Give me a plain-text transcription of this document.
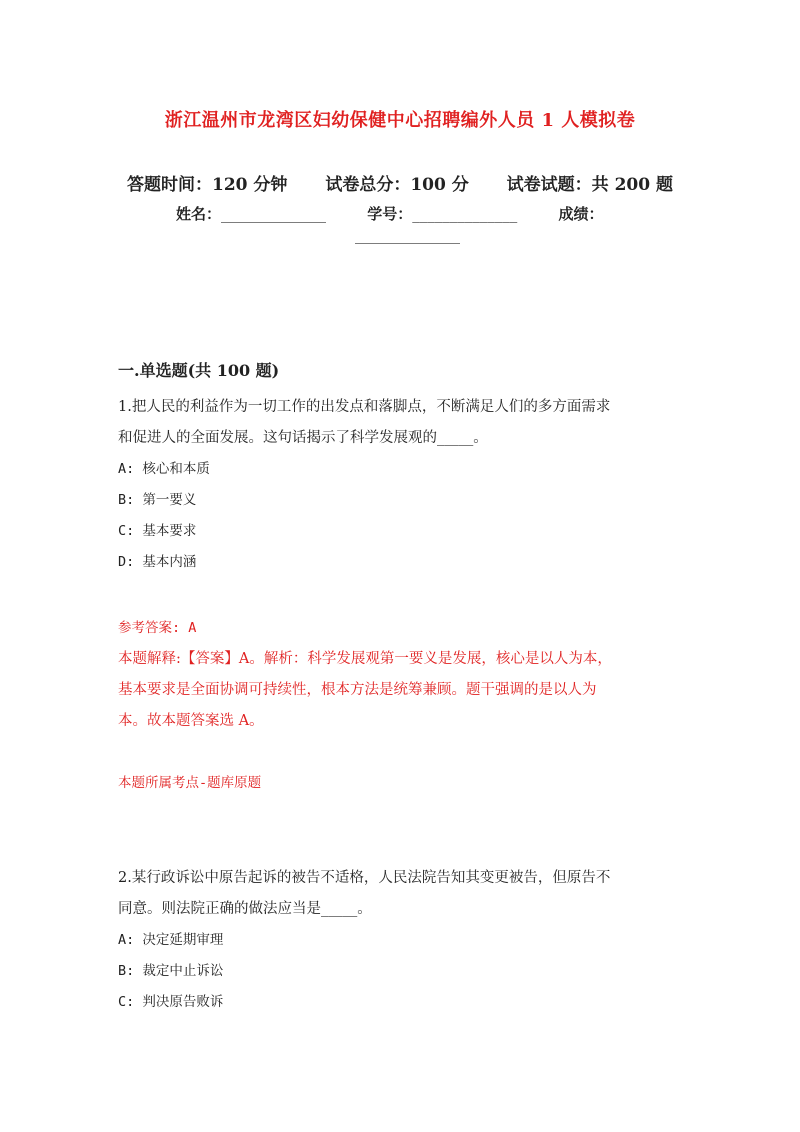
浙江温州市龙湾区妇幼保健中心招聘编外人员 1 人模拟卷
答题时间：120 分钟 试卷总分：100 分 试卷试题：共 200 题
姓名：______________	学号：______________	成绩：
______________
一.单选题(共 100 题)
1.把人民的利益作为一切工作的出发点和落脚点，不断满足人们的多方面需求
和促进人的全面发展。这句话揭示了科学发展观的_____。
A: 核心和本质
B: 第一要义
C: 基本要求
D: 基本内涵
参考答案: A
本题解释:【答案】A。解析：科学发展观第一要义是发展，核心是以人为本，
基本要求是全面协调可持续性，根本方法是统筹兼顾。题干强调的是以人为
本。故本题答案选 A。
本题所属考点-题库原题
2.某行政诉讼中原告起诉的被告不适格，人民法院告知其变更被告，但原告不
同意。则法院正确的做法应当是_____。
A: 决定延期审理
B: 裁定中止诉讼
C: 判决原告败诉
